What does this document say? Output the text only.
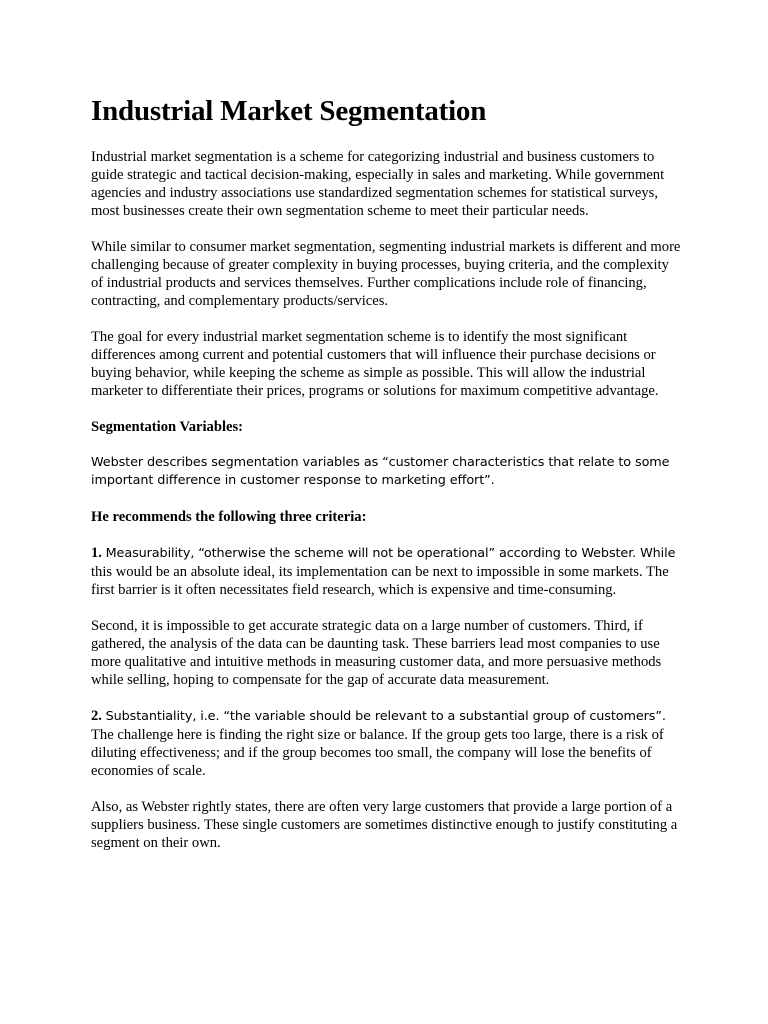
Industrial Market Segmentation

Industrial market segmentation is a scheme for categorizing industrial and business customers to guide strategic and tactical decision-making, especially in sales and marketing. While government agencies and industry associations use standardized segmentation schemes for statistical surveys, most businesses create their own segmentation scheme to meet their particular needs.

While similar to consumer market segmentation, segmenting industrial markets is different and more challenging because of greater complexity in buying processes, buying criteria, and the complexity of industrial products and services themselves. Further complications include role of financing, contracting, and complementary products/services.

The goal for every industrial market segmentation scheme is to identify the most significant differences among current and potential customers that will influence their purchase decisions or buying behavior, while keeping the scheme as simple as possible. This will allow the industrial marketer to differentiate their prices, programs or solutions for maximum competitive advantage.

Segmentation Variables:

Webster describes segmentation variables as “customer characteristics that relate to some important difference in customer response to marketing effort”.

He recommends the following three criteria:

1. Measurability, “otherwise the scheme will not be operational” according to Webster. While this would be an absolute ideal, its implementation can be next to impossible in some markets. The first barrier is it often necessitates field research, which is expensive and time-consuming.

Second, it is impossible to get accurate strategic data on a large number of customers. Third, if gathered, the analysis of the data can be daunting task. These barriers lead most companies to use more qualitative and intuitive methods in measuring customer data, and more persuasive methods while selling, hoping to compensate for the gap of accurate data measurement.

2. Substantiality, i.e. “the variable should be relevant to a substantial group of customers”. The challenge here is finding the right size or balance. If the group gets too large, there is a risk of diluting effectiveness; and if the group becomes too small, the company will lose the benefits of economies of scale.

Also, as Webster rightly states, there are often very large customers that provide a large portion of a suppliers business. These single customers are sometimes distinctive enough to justify constituting a segment on their own.
